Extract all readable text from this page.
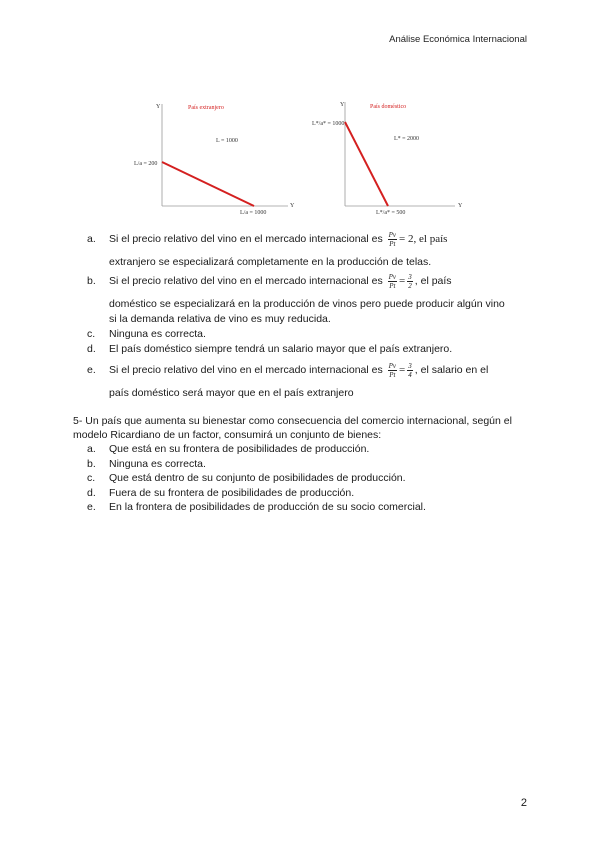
Análise Económica Internacional
Y
Y
País extranjero
L = 1000
L/a = 200
L/a = 1000
Y
Y
País doméstico
L* = 2000
L*/a* = 1000
L*/a* = 500

a.	Si el precio relativo del vino en el mercado internacional es $\frac{Pv}{Pt} = 2$, el país

extranjero se especializará completamente en la producción de telas.

b.	Si el precio relativo del vino en el mercado internacional es $\frac{Pv}{Pt} = \frac{3}{2}$ , el país

doméstico se especializará en la producción de vinos pero puede producir algún vino

si la demanda relativa de vino es muy reducida.

c.	Ninguna es correcta.

d.	El país doméstico siempre tendrá un salario mayor que el país extranjero.

e.	Si el precio relativo del vino en el mercado internacional es $\frac{Pv}{Pt} = \frac{3}{4}$ , el salario en el

país doméstico será mayor que en el país extranjero

5- Un país que aumenta su bienestar como consecuencia del comercio internacional, según el modelo Ricardiano de un factor, consumirá un conjunto de bienes:

a.	Que está en su frontera de posibilidades de producción.

b.	Ninguna es correcta.

c.	Que está dentro de su conjunto de posibilidades de producción.

d.	Fuera de su frontera de posibilidades de producción.

e.	En la frontera de posibilidades de producción de su socio comercial.

2
